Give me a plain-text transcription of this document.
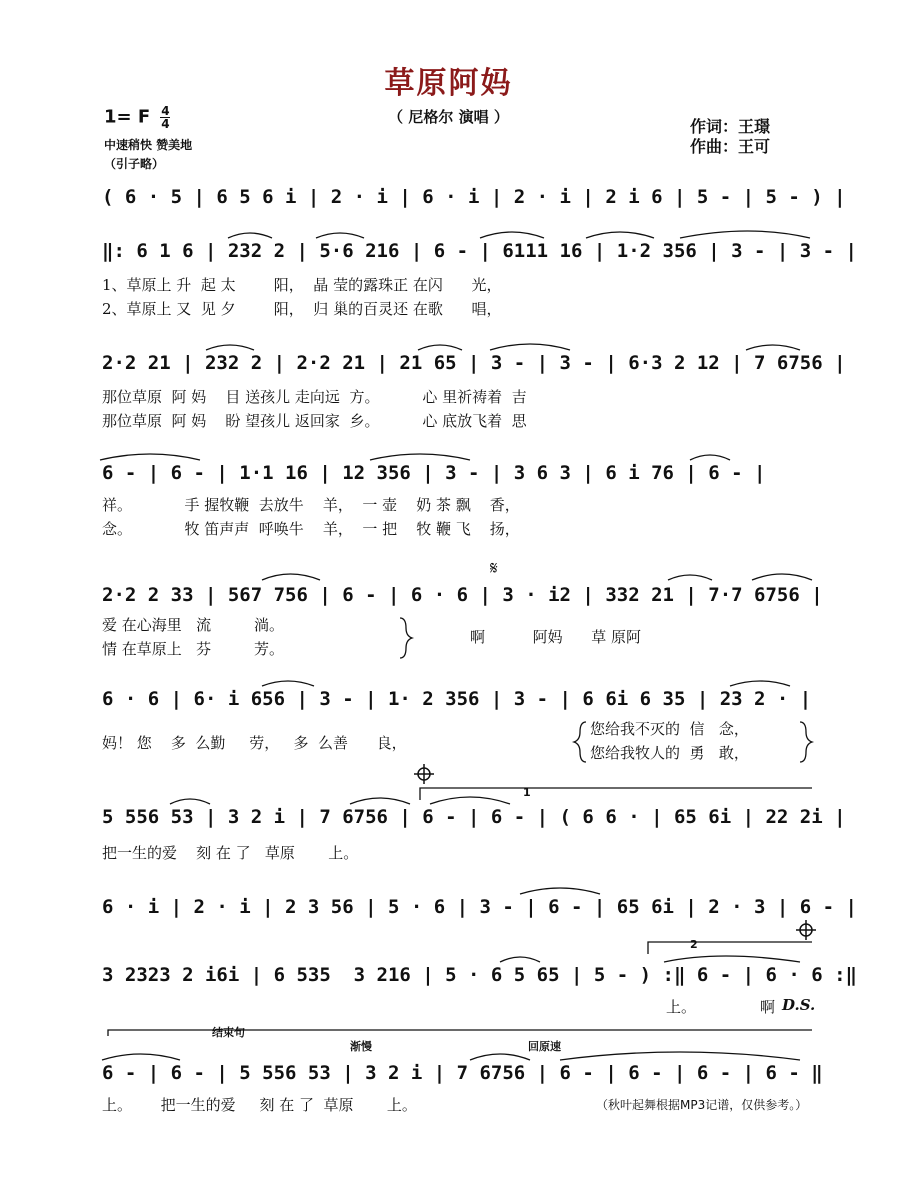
草原阿妈
（ 尼格尔 演唱 ）
1= F $\frac{4}{4}$
中速稍快 赞美地
（引子略）
作词：王璟
作曲：王可
( 6 · 5 | 6 5 6 i | 2 · i | 6 · i | 2 · i | 2 i 6 | 5 - | 5 - ) |
‖: 6 1 6 | 232 2 | 5·6 216 | 6 - | 6111 16 | 1·2 356 | 3 - | 3 - |
1、草原上 升  起 太        阳，  晶 莹的露珠正 在闪      光，
2、草原上 又  见 夕        阳，  归 巢的百灵还 在歌      唱，
2·2 21 | 232 2 | 2·2 21 | 21 65 | 3 - | 3 - | 6·3 2 12 | 7 6756 |
那位草原  阿 妈    目 送孩儿 走向远  方。         心 里祈祷着  吉
那位草原  阿 妈    盼 望孩儿 返回家  乡。         心 底放飞着  思
6 - | 6 - | 1·1 16 | 12 356 | 3 - | 3 6 3 | 6 i 76 | 6 - |
祥。           手 握牧鞭  去放牛    羊，  一 壶    奶 茶 飘    香，
念。           牧 笛声声  呼唤牛    羊，  一 把    牧 鞭 飞    扬，
2·2 2 33 | 567 756 | 6 - | 6 · 6 | 3 · i2 | 332 21 | 7·7 6756 |
爱 在心海里   流         淌。
情 在草原上   芬         芳。
啊          阿妈      草 原阿
6 · 6 | 6· i 656 | 3 - | 1· 2 356 | 3 - | 6 6i 6 35 | 23 2 · |
妈！ 您    多  么勤     劳，   多  么善      良，
您给我不灭的  信   念，
您给我牧人的  勇   敢，
5 556 53 | 3 2 i | 7 6756 | 6 - | 6 - | ( 6 6 · | 65 6i | 22 2i |
把一生的爱    刻 在 了   草原       上。
1
6 · i | 2 · i | 2 3 56 | 5 · 6 | 3 - | 6 - | 65 6i | 2 · 3 | 6 - |
3 2323 2 i6i | 6 535  3 216 | 5 · 6 5 65 | 5 - ) :‖ 6 - | 6 · 6 :‖
上。	啊 D.S.
2
结束句
渐慢	回原速
6 - | 6 - | 5 556 53 | 3 2 i | 7 6756 | 6 - | 6 - | 6 - | 6 - ‖
上。      把一生的爱     刻 在 了  草原       上。	（秋叶起舞根据MP3记谱，仅供参考。）
𝄋
